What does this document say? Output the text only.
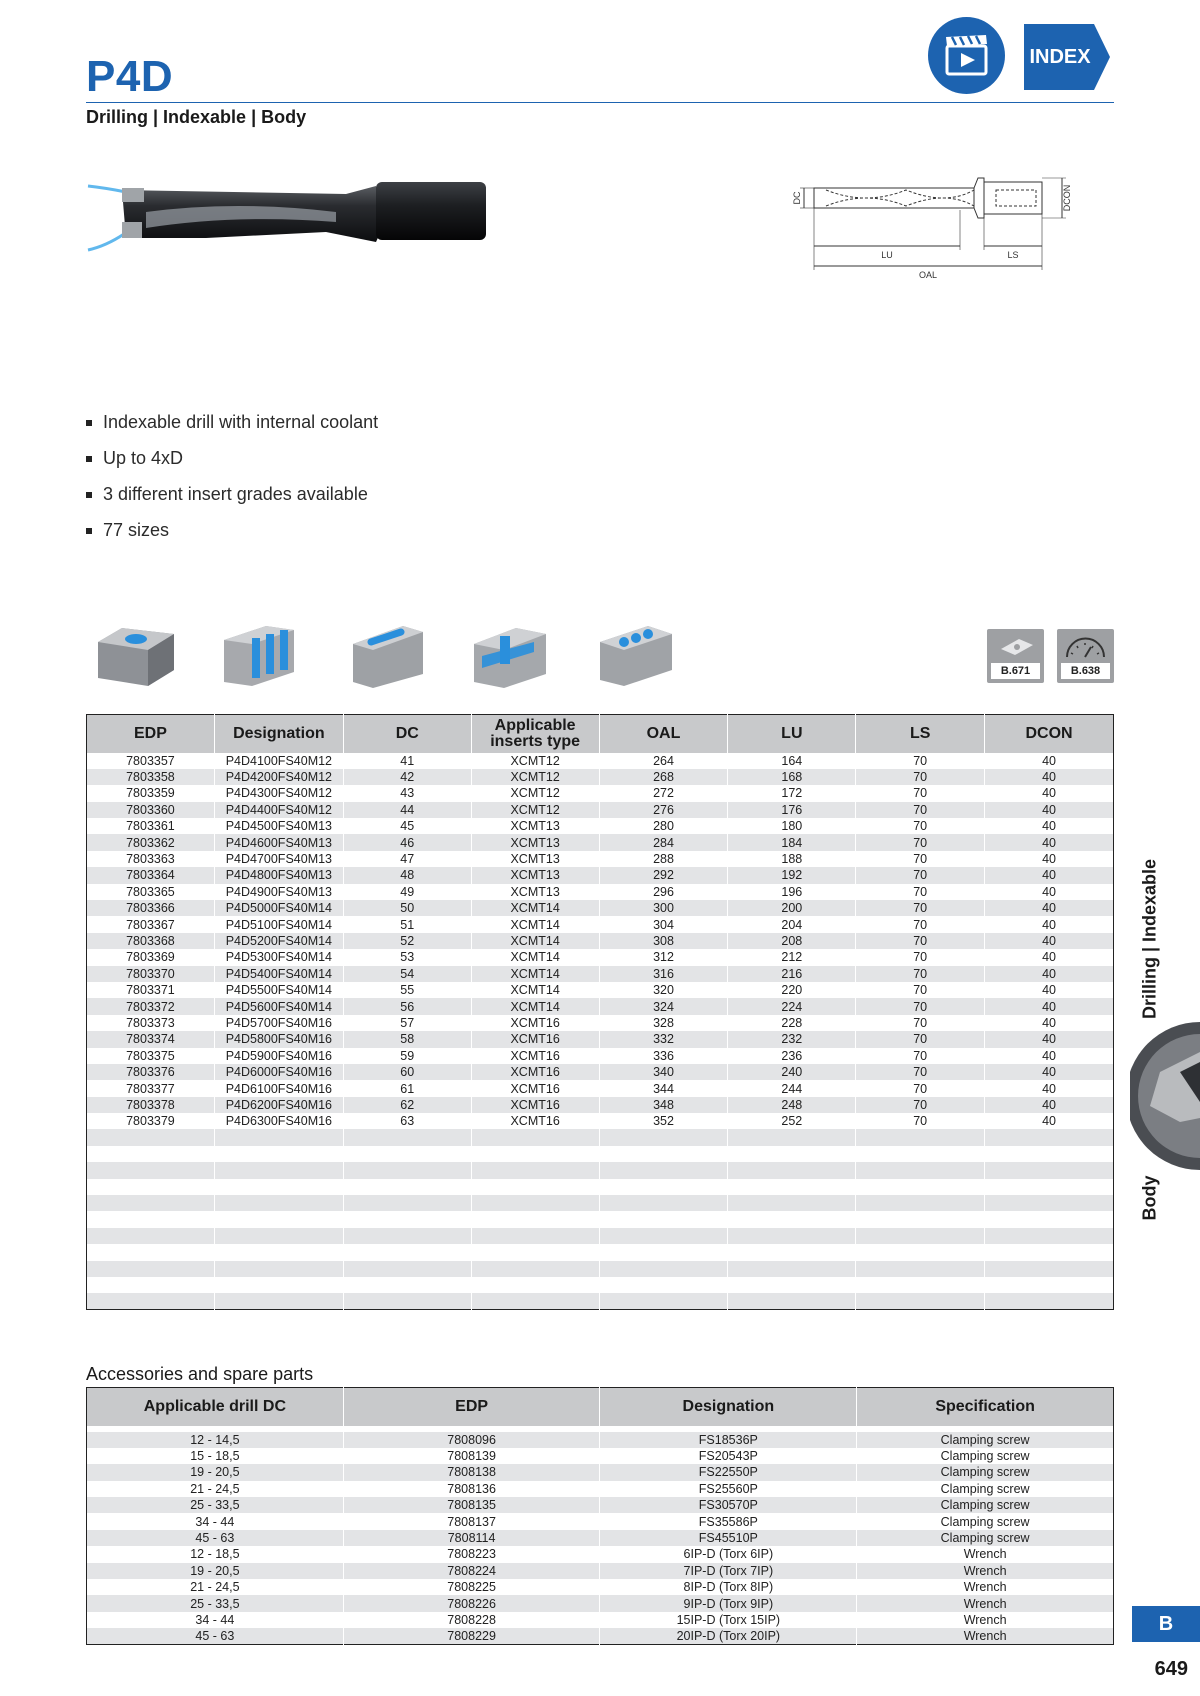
P4D
Drilling | Indexable | Body
INDEX
DC	DCON
LU	LS
OAL
Indexable drill with internal coolant
Up to 4xD
3 different insert grades available
77 sizes
B.671	B.638
EDP	Designation	DC	Applicable inserts type	OAL	LU	LS	DCON
7803357	P4D4100FS40M12	41	XCMT12	264	164	70	40
7803358	P4D4200FS40M12	42	XCMT12	268	168	70	40
7803359	P4D4300FS40M12	43	XCMT12	272	172	70	40
7803360	P4D4400FS40M12	44	XCMT12	276	176	70	40
7803361	P4D4500FS40M13	45	XCMT13	280	180	70	40
7803362	P4D4600FS40M13	46	XCMT13	284	184	70	40
7803363	P4D4700FS40M13	47	XCMT13	288	188	70	40
7803364	P4D4800FS40M13	48	XCMT13	292	192	70	40
7803365	P4D4900FS40M13	49	XCMT13	296	196	70	40
7803366	P4D5000FS40M14	50	XCMT14	300	200	70	40
7803367	P4D5100FS40M14	51	XCMT14	304	204	70	40
7803368	P4D5200FS40M14	52	XCMT14	308	208	70	40
7803369	P4D5300FS40M14	53	XCMT14	312	212	70	40
7803370	P4D5400FS40M14	54	XCMT14	316	216	70	40
7803371	P4D5500FS40M14	55	XCMT14	320	220	70	40
7803372	P4D5600FS40M14	56	XCMT14	324	224	70	40
7803373	P4D5700FS40M16	57	XCMT16	328	228	70	40
7803374	P4D5800FS40M16	58	XCMT16	332	232	70	40
7803375	P4D5900FS40M16	59	XCMT16	336	236	70	40
7803376	P4D6000FS40M16	60	XCMT16	340	240	70	40
7803377	P4D6100FS40M16	61	XCMT16	344	244	70	40
7803378	P4D6200FS40M16	62	XCMT16	348	248	70	40
7803379	P4D6300FS40M16	63	XCMT16	352	252	70	40

Accessories and spare parts
Applicable drill DC	EDP	Designation	Specification

12 - 14,5	7808096	FS18536P	Clamping screw
15 - 18,5	7808139	FS20543P	Clamping screw
19 - 20,5	7808138	FS22550P	Clamping screw
21 - 24,5	7808136	FS25560P	Clamping screw
25 - 33,5	7808135	FS30570P	Clamping screw
34 - 44	7808137	FS35586P	Clamping screw
45 - 63	7808114	FS45510P	Clamping screw
12 - 18,5	7808223	6IP-D (Torx 6IP)	Wrench
19 - 20,5	7808224	7IP-D (Torx 7IP)	Wrench
21 - 24,5	7808225	8IP-D (Torx 8IP)	Wrench
25 - 33,5	7808226	9IP-D (Torx 9IP)	Wrench
34 - 44	7808228	15IP-D (Torx 15IP)	Wrench
45 - 63	7808229	20IP-D (Torx 20IP)	Wrench
Drilling | Indexable
Body
B
649
